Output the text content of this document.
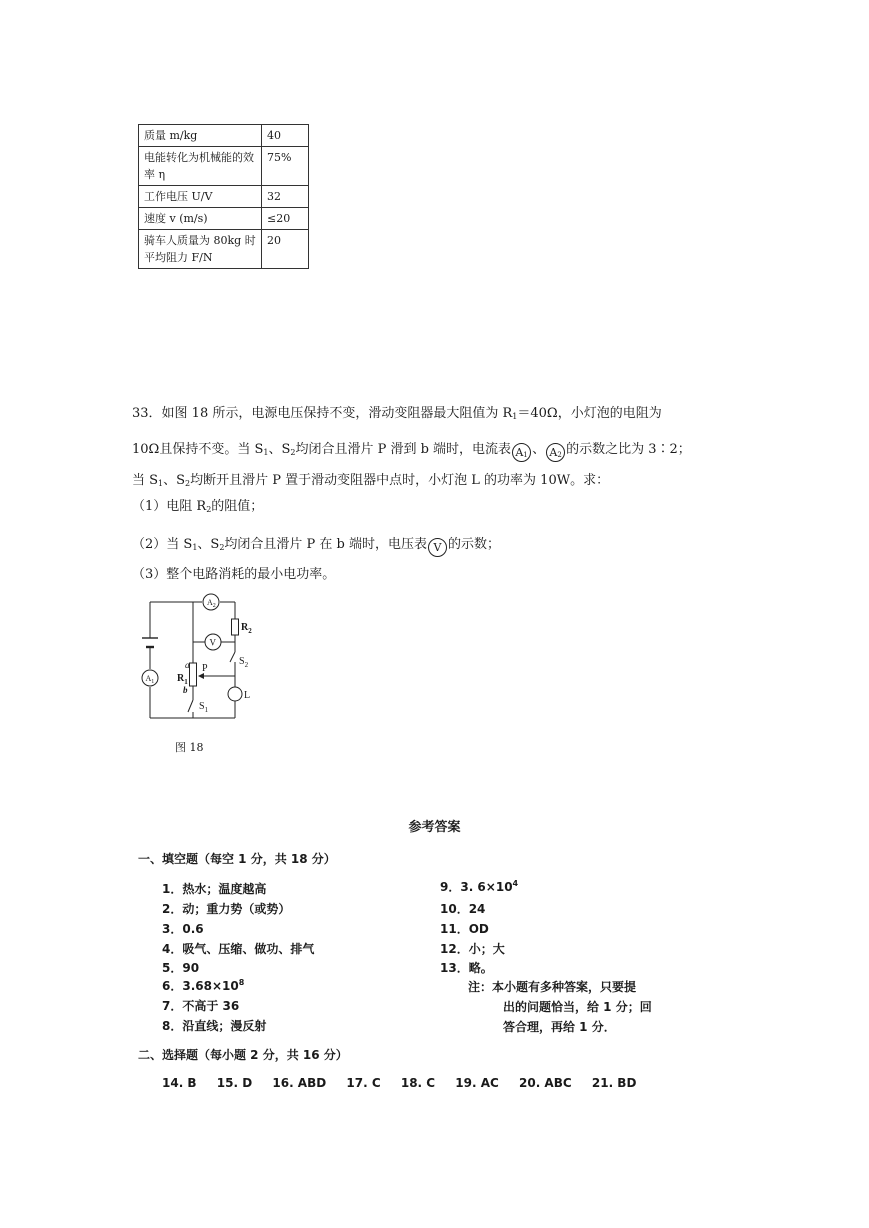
质量 m/kg	40
电能转化为机械能的效率 η	75%
工作电压 U/V	32
速度 v (m/s)	≤20
骑车人质量为 80kg 时平均阻力 F/N	20
33．如图 18 所示，电源电压保持不变，滑动变阻器最大阻值为 $R_1=40\Omega$，小灯泡的电阻为
10Ω且保持不变。当 $S_1$、$S_2$均闭合且滑片 P 滑到 b 端时，电流表 $A_1$ 、 $A_2$ 的示数之比为 3∶2；
当 $S_1$、$S_2$均断开且滑片 P 置于滑动变阻器中点时，小灯泡 L 的功率为 10W。求：
（1）电阻 $R_2$的阻值；
（2）当 $S_1$、$S_2$均闭合且滑片 P 在 b 端时，电压表 V 的示数；
（3）整个电路消耗的最小电功率。
$A_2$
V
$A_1$
$R_2$
$S_2$
a P
$R_1$
b	L
$S_1$
图 18
参考答案
一、填空题（每空 1 分，共 18 分）
1．热水；温度越高
2．动；重力势（或势）
3．0.6
4．吸气、压缩、做功、排气
5．90
6．$3.68\times 10^8$
7．不高于 36
8．沿直线；漫反射
9．3. $6\times 10^4$
10．24
11．OD
12．小；大
13．略。
注：本小题有多种答案，只要提
出的问题恰当，给 1 分；回
答合理，再给 1 分．
二、选择题（每小题 2 分，共 16 分）
14. B 15. D 16. ABD 17. C 18. C 19. AC 20. ABC 21. BD
